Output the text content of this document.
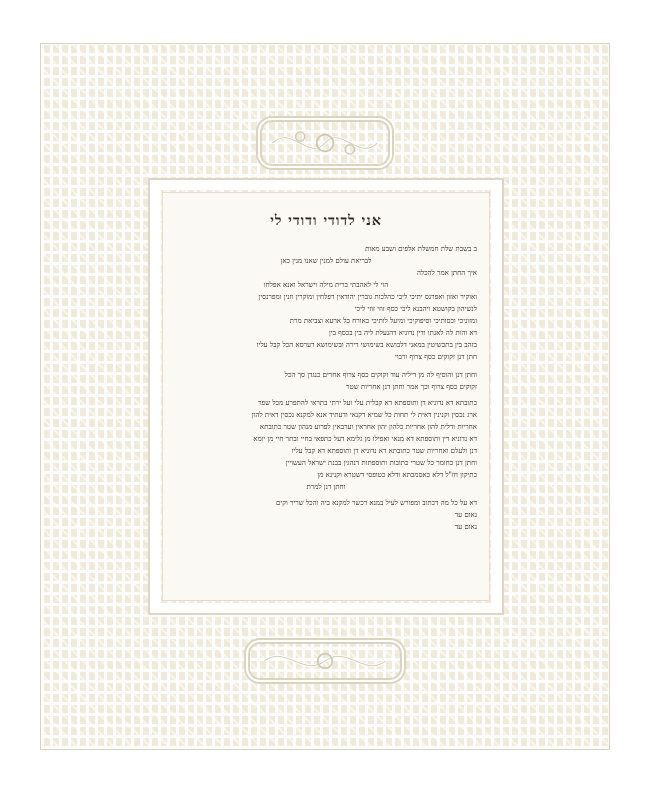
אני לדודי ודודי לי
ב בשבת שלת חמשלת אלפים ושבע מאות
לבריאת עולם למנין שאנו מנין כאן
איך החתן אמר להכלה
הוי לי לאהבתי ברית מילה וישראל ואנא אפלחו
ואוקיר ואזון ואפרנס יתיכי ליכי כהלכות גוברין יהודאין דפלחין ומוקרין וזנין ומפרנסין
לנשיהון בקושטא ויהבנא ליכי כסף זוזי זוזי ליכי
ומזוניכי וכסותיכי וסיפוקיכי ומיעל לותיכי כאורח כל ארעא וצביאת מרת
דא והות לה לאנתו ודין נדוניא דהנעלת ליה בין בכסף בין
בזהב בין בתכשיטין במאני דלבושא בשימושי דירה ובשימושא דערסא הכל קבל עליו
חתן דנן זקוקים כסף צרוף ורבוי
וחתן דנן והוסיף לה מן דיליה עוד זקוקים כסף צרוף אחרים כנגדן סך הכל
זקוקים כסף צרוף וכך אמר וחתן דנן אחריות שטר
כתובתא דא נדוניא דן ותוספתא דא קבלית עלי ועל ירתי בתראי להתפרע מכל שפר
ארג נכסין וקנינין דאית לי תחות כל שמיא דקנאי ודעתיד אנא למקנא נכסין דאית להון
אחריות ודלית להון אחריות כלהון יהון אחראין וערבאין לפרוע מנהון שטר כתובתא
דא נדוניא דין ותוספתא דא מנאי ואפילו מן גלימא דעל כתפאי בחיי ובתר חיי מן יומא
דנן ולעלם ואחריות שטר כתובתא דא נדוניא דן ותוספתא דא קבל עליו
וחתן דנן כחומר כל שטרי כתובות ותוספתות דנהגין בבנת ישראל העשויין
כתיקון חז"ל דלא כאסמכתא ודלא כטופסי דשטרא וקנינא מן
וחתן דנן למרת
דא על כל מה דכתוב ומפורש לעיל במנא דכשר למקנא ביה והכל שריר וקים
נאום עד
נאום עד
